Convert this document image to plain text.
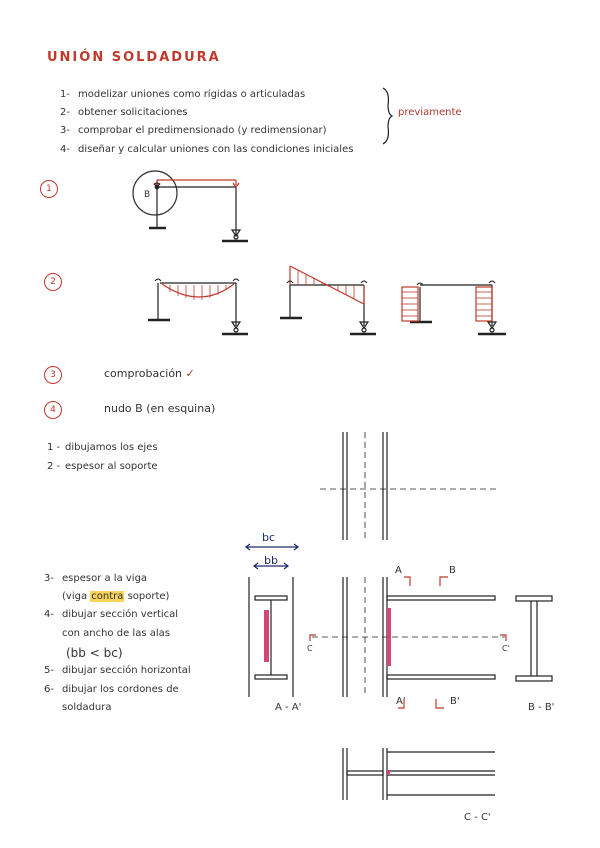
UNIÓN SOLDADURA
1- modelizar uniones como rígidas o articuladas
2- obtener solicitaciones
3- comprobar el predimensionado (y redimensionar)
4- diseñar y calcular uniones con las condiciones iniciales
previamente
1
2
3	comprobación ✓
4	nudo B (en esquina)
B
1 - dibujamos los ejes
2 - espesor al soporte
3- espesor a la viga
(viga contra soporte)
4- dibujar sección vertical
con ancho de las alas
(bb < bc)
5- dibujar sección horizontal
6- dibujar los cordones de
soldadura
bc
bb
A	B
A'	B'
C	C'
A - A'	B - B'
C - C'
